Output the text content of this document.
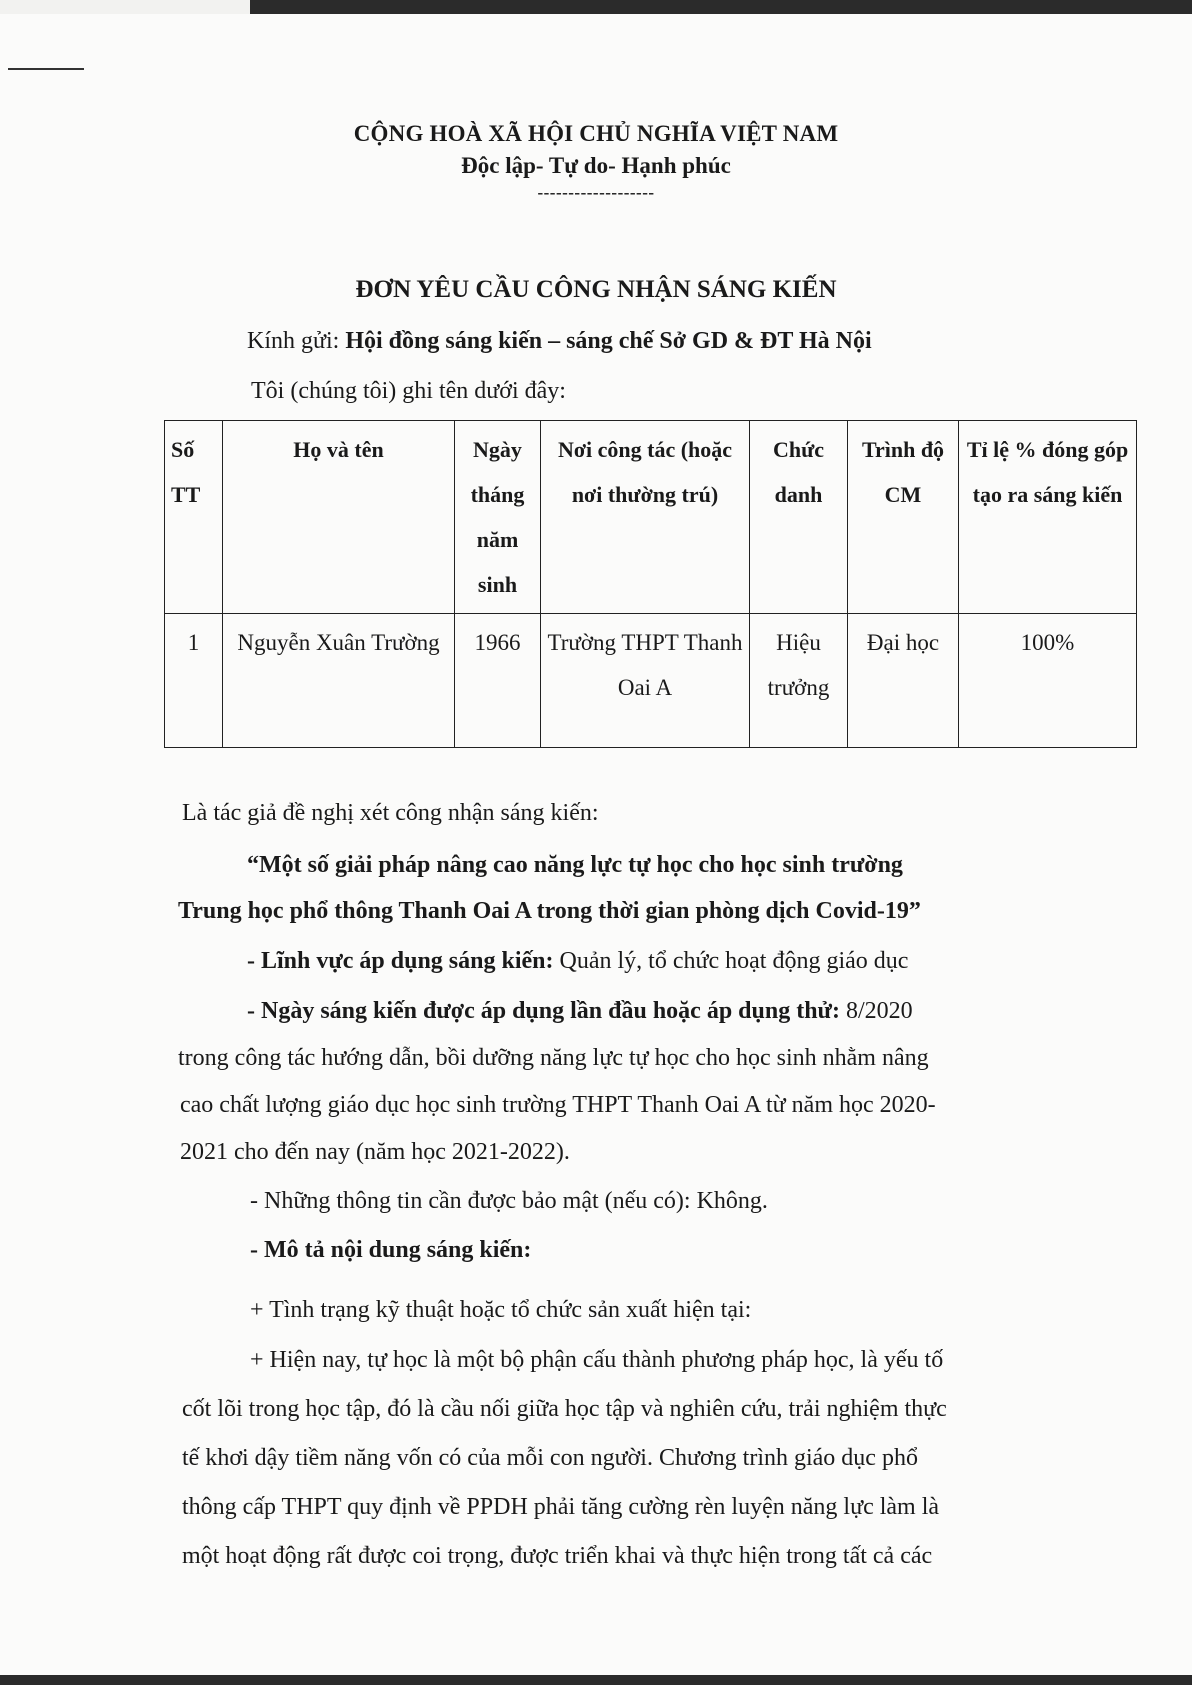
CỘNG HOÀ XÃ HỘI CHỦ NGHĨA VIỆT NAM
Độc lập- Tự do- Hạnh phúc
-------------------
ĐƠN YÊU CẦU CÔNG NHẬN SÁNG KIẾN
Kính gửi: Hội đồng sáng kiến – sáng chế Sở GD & ĐT Hà Nội
Tôi (chúng tôi) ghi tên dưới đây:
Số TT	Họ và tên	Ngày tháng năm sinh	Nơi công tác (hoặc nơi thường trú)	Chức danh	Trình độ CM	Tỉ lệ % đóng góp tạo ra sáng kiến
1	Nguyễn Xuân Trường	1966	Trường THPT Thanh Oai A	Hiệu trưởng	Đại học	100%
Là tác giả đề nghị xét công nhận sáng kiến:
“Một số giải pháp nâng cao năng lực tự học cho học sinh trường
Trung học phổ thông Thanh Oai A trong thời gian phòng dịch Covid-19”
- Lĩnh vực áp dụng sáng kiến: Quản lý, tổ chức hoạt động giáo dục
- Ngày sáng kiến được áp dụng lần đầu hoặc áp dụng thử: 8/2020
trong công tác hướng dẫn, bồi dưỡng năng lực tự học cho học sinh nhằm nâng
cao chất lượng giáo dục học sinh trường THPT Thanh Oai A từ năm học 2020-
2021 cho đến nay (năm học 2021-2022).
- Những thông tin cần được bảo mật (nếu có): Không.
- Mô tả nội dung sáng kiến:
+ Tình trạng kỹ thuật hoặc tổ chức sản xuất hiện tại:
+ Hiện nay, tự học là một bộ phận cấu thành phương pháp học, là yếu tố
cốt lõi trong học tập, đó là cầu nối giữa học tập và nghiên cứu, trải nghiệm thực
tế khơi dậy tiềm năng vốn có của mỗi con người. Chương trình giáo dục phổ
thông cấp THPT quy định về PPDH phải tăng cường rèn luyện năng lực làm là
một hoạt động rất được coi trọng, được triển khai và thực hiện trong tất cả các
